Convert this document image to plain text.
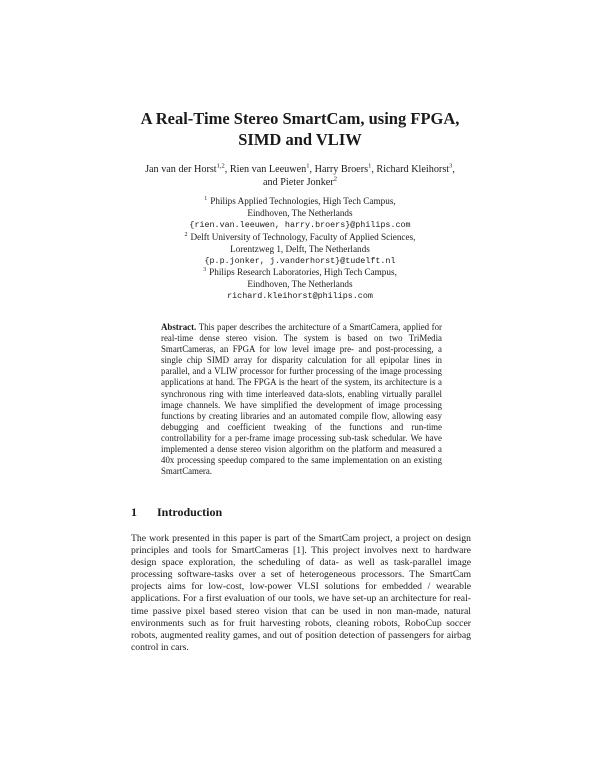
A Real-Time Stereo SmartCam, using FPGA,
SIMD and VLIW
Jan van der Horst$^{1,2}$, Rien van Leeuwen$^1$, Harry Broers$^1$, Richard Kleihorst$^3$,
and Pieter Jonker$^2$
$^1$ Philips Applied Technologies, High Tech Campus,
Eindhoven, The Netherlands
{rien.van.leeuwen, harry.broers}@philips.com
$^2$ Delft University of Technology, Faculty of Applied Sciences,
Lorentzweg 1, Delft, The Netherlands
{p.p.jonker, j.vanderhorst}@tudelft.nl
$^3$ Philips Research Laboratories, High Tech Campus,
Eindhoven, The Netherlands
richard.kleihorst@philips.com

Abstract. This paper describes the architecture of a SmartCamera, applied for real-time dense stereo vision. The system is based on two TriMedia SmartCameras, an FPGA for low level image pre- and post-processing, a single chip SIMD array for disparity calculation for all epipolar lines in parallel, and a VLIW processor for further processing of the image processing applications at hand. The FPGA is the heart of the system, its architecture is a synchronous ring with time interleaved data-slots, enabling virtually parallel image channels. We have simplified the development of image processing functions by creating libraries and an automated compile flow, allowing easy debugging and coefficient tweaking of the functions and run-time controllability for a per-frame image processing sub-task schedular. We have implemented a dense stereo vision algorithm on the platform and measured a 40x processing speedup compared to the same implementation on an existing SmartCamera.

1 Introduction

The work presented in this paper is part of the SmartCam project, a project on design principles and tools for SmartCameras [1]. This project involves next to hardware design space exploration, the scheduling of data- as well as task-parallel image processing software-tasks over a set of heterogeneous processors. The SmartCam projects aims for low-cost, low-power VLSI solutions for embedded / wearable applications. For a first evaluation of our tools, we have set-up an architecture for real-time passive pixel based stereo vision that can be used in non man-made, natural environments such as for fruit harvesting robots, cleaning robots, RoboCup soccer robots, augmented reality games, and out of position detection of passengers for airbag control in cars.
